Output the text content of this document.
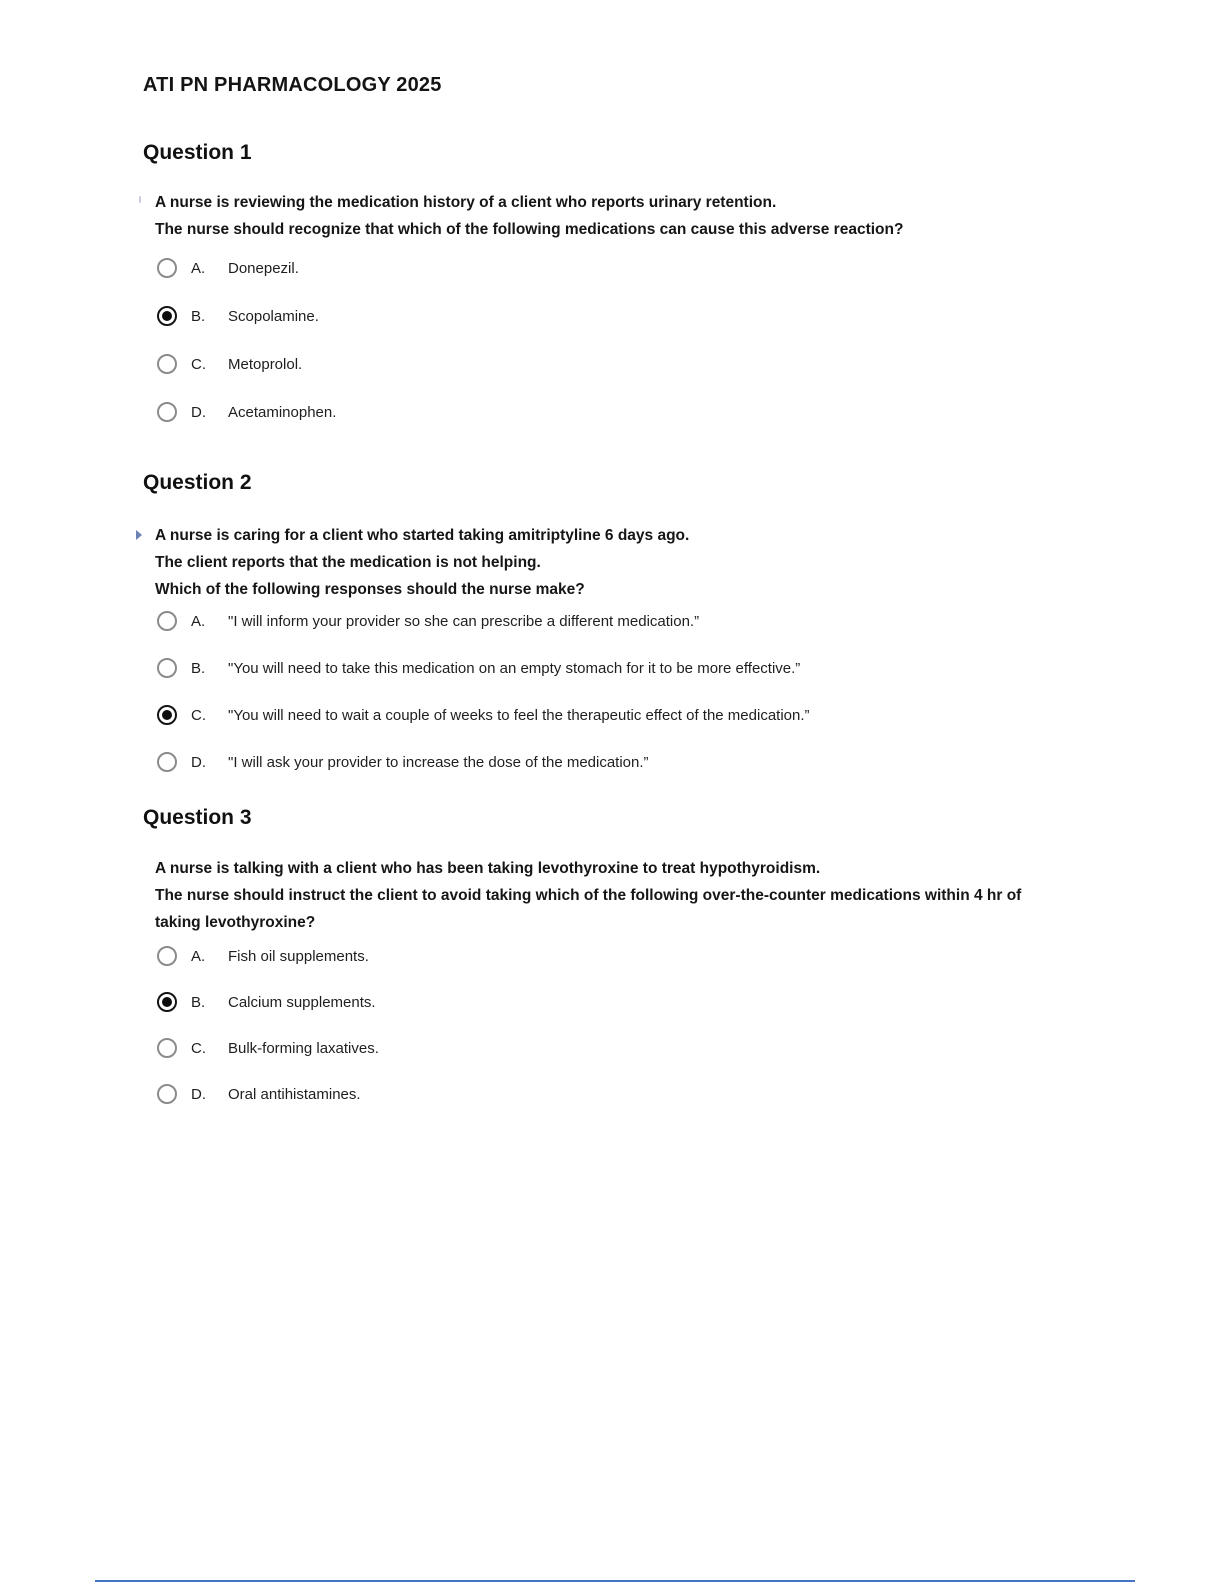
ATI PN PHARMACOLOGY 2025
Question 1
A nurse is reviewing the medication history of a client who reports urinary retention.
The nurse should recognize that which of the following medications can cause this adverse reaction?
A.	Donepezil.
B.	Scopolamine.
C.	Metoprolol.
D.	Acetaminophen.
Question 2
A nurse is caring for a client who started taking amitriptyline 6 days ago.
The client reports that the medication is not helping.
Which of the following responses should the nurse make?
A.	"I will inform your provider so she can prescribe a different medication.”
B.	"You will need to take this medication on an empty stomach for it to be more effective.”
C.	"You will need to wait a couple of weeks to feel the therapeutic effect of the medication.”
D.	"I will ask your provider to increase the dose of the medication.”
Question 3
A nurse is talking with a client who has been taking levothyroxine to treat hypothyroidism.
The nurse should instruct the client to avoid taking which of the following over-the-counter medications within 4 hr of
taking levothyroxine?
A.	Fish oil supplements.
B.	Calcium supplements.
C.	Bulk-forming laxatives.
D.	Oral antihistamines.
